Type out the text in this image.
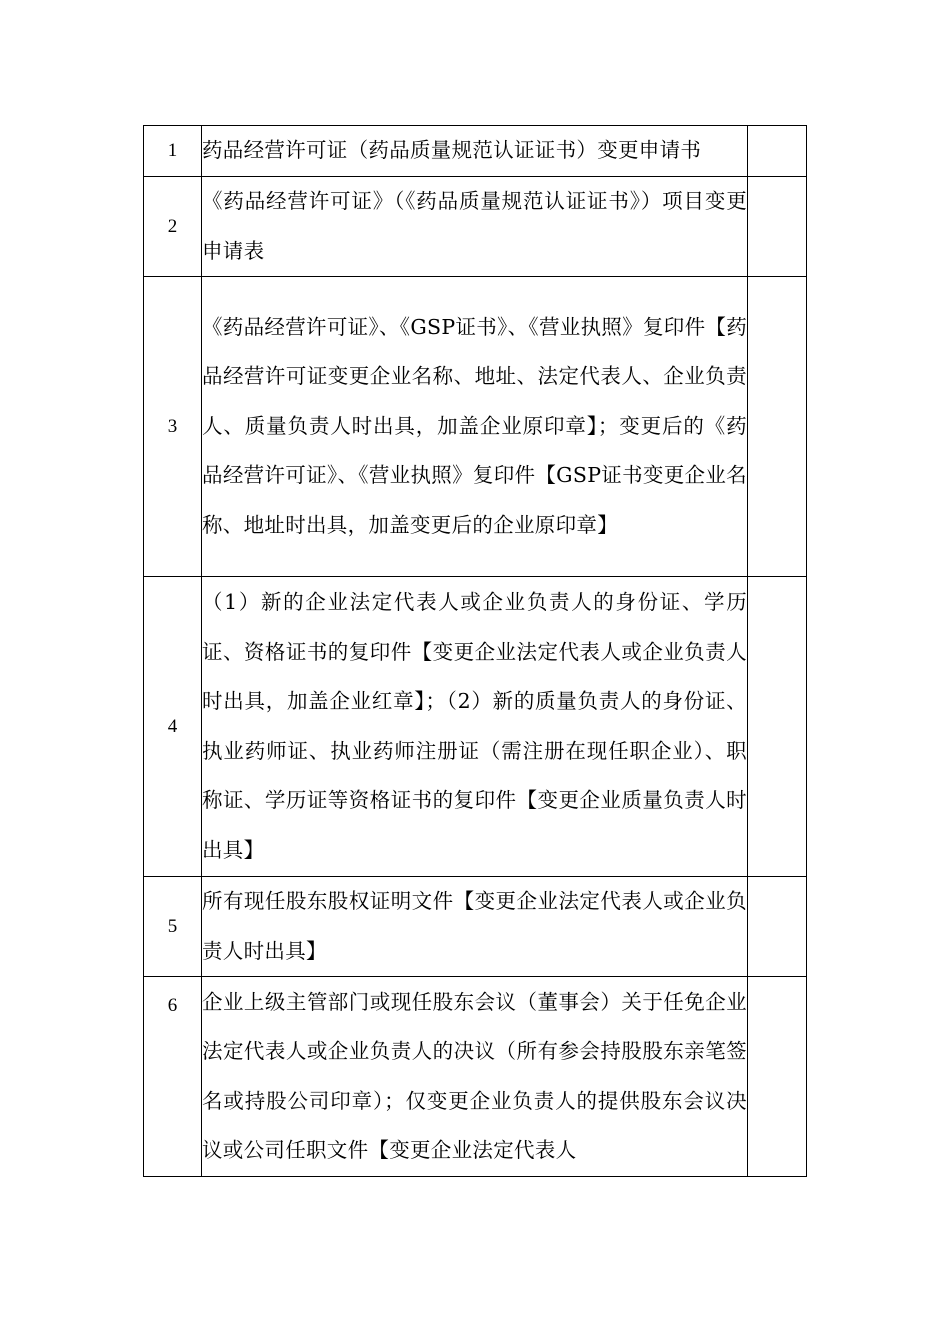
1	药品经营许可证（药品质量规范认证证书）变更申请书	
2	《药品经营许可证》（《药品质量规范认证证书》）项目变更申请表	
3	《药品经营许可证》、《GSP证书》、《营业执照》复印件【药品经营许可证变更企业名称、地址、法定代表人、企业负责人、质量负责人时出具，加盖企业原印章】；变更后的《药品经营许可证》、《营业执照》复印件【GSP证书变更企业名称、地址时出具，加盖变更后的企业原印章】	
4	（1）新的企业法定代表人或企业负责人的身份证、学历证、资格证书的复印件【变更企业法定代表人或企业负责人时出具，加盖企业红章】；（2）新的质量负责人的身份证、执业药师证、执业药师注册证（需注册在现任职企业）、职称证、学历证等资格证书的复印件【变更企业质量负责人时出具】	
5	所有现任股东股权证明文件【变更企业法定代表人或企业负责人时出具】	
6	企业上级主管部门或现任股东会议（董事会）关于任免企业法定代表人或企业负责人的决议（所有参会持股股东亲笔签名或持股公司印章）；仅变更企业负责人的提供股东会议决议或公司任职文件【变更企业法定代表人	
